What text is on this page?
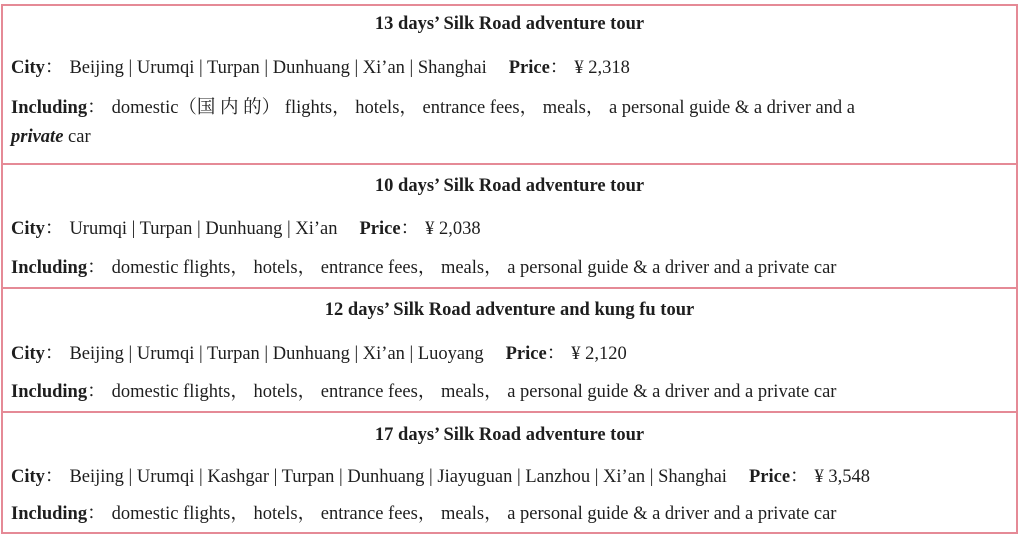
13 days’ Silk Road adventure tour
City： Beijing | Urumqi | Turpan | Dunhuang | Xi’an | Shanghai Price： ¥ 2,318
Including： domestic（国 内 的） flights， hotels， entrance fees， meals， a personal guide & a driver and a
private car
10 days’ Silk Road adventure tour
City： Urumqi | Turpan | Dunhuang | Xi’an Price： ¥ 2,038
Including： domestic flights， hotels， entrance fees， meals， a personal guide & a driver and a private car
12 days’ Silk Road adventure and kung fu tour
City： Beijing | Urumqi | Turpan | Dunhuang | Xi’an | Luoyang Price： ¥ 2,120
Including： domestic flights， hotels， entrance fees， meals， a personal guide & a driver and a private car
17 days’ Silk Road adventure tour
City： Beijing | Urumqi | Kashgar | Turpan | Dunhuang | Jiayuguan | Lanzhou | Xi’an | Shanghai Price： ¥ 3,548
Including： domestic flights， hotels， entrance fees， meals， a personal guide & a driver and a private car
